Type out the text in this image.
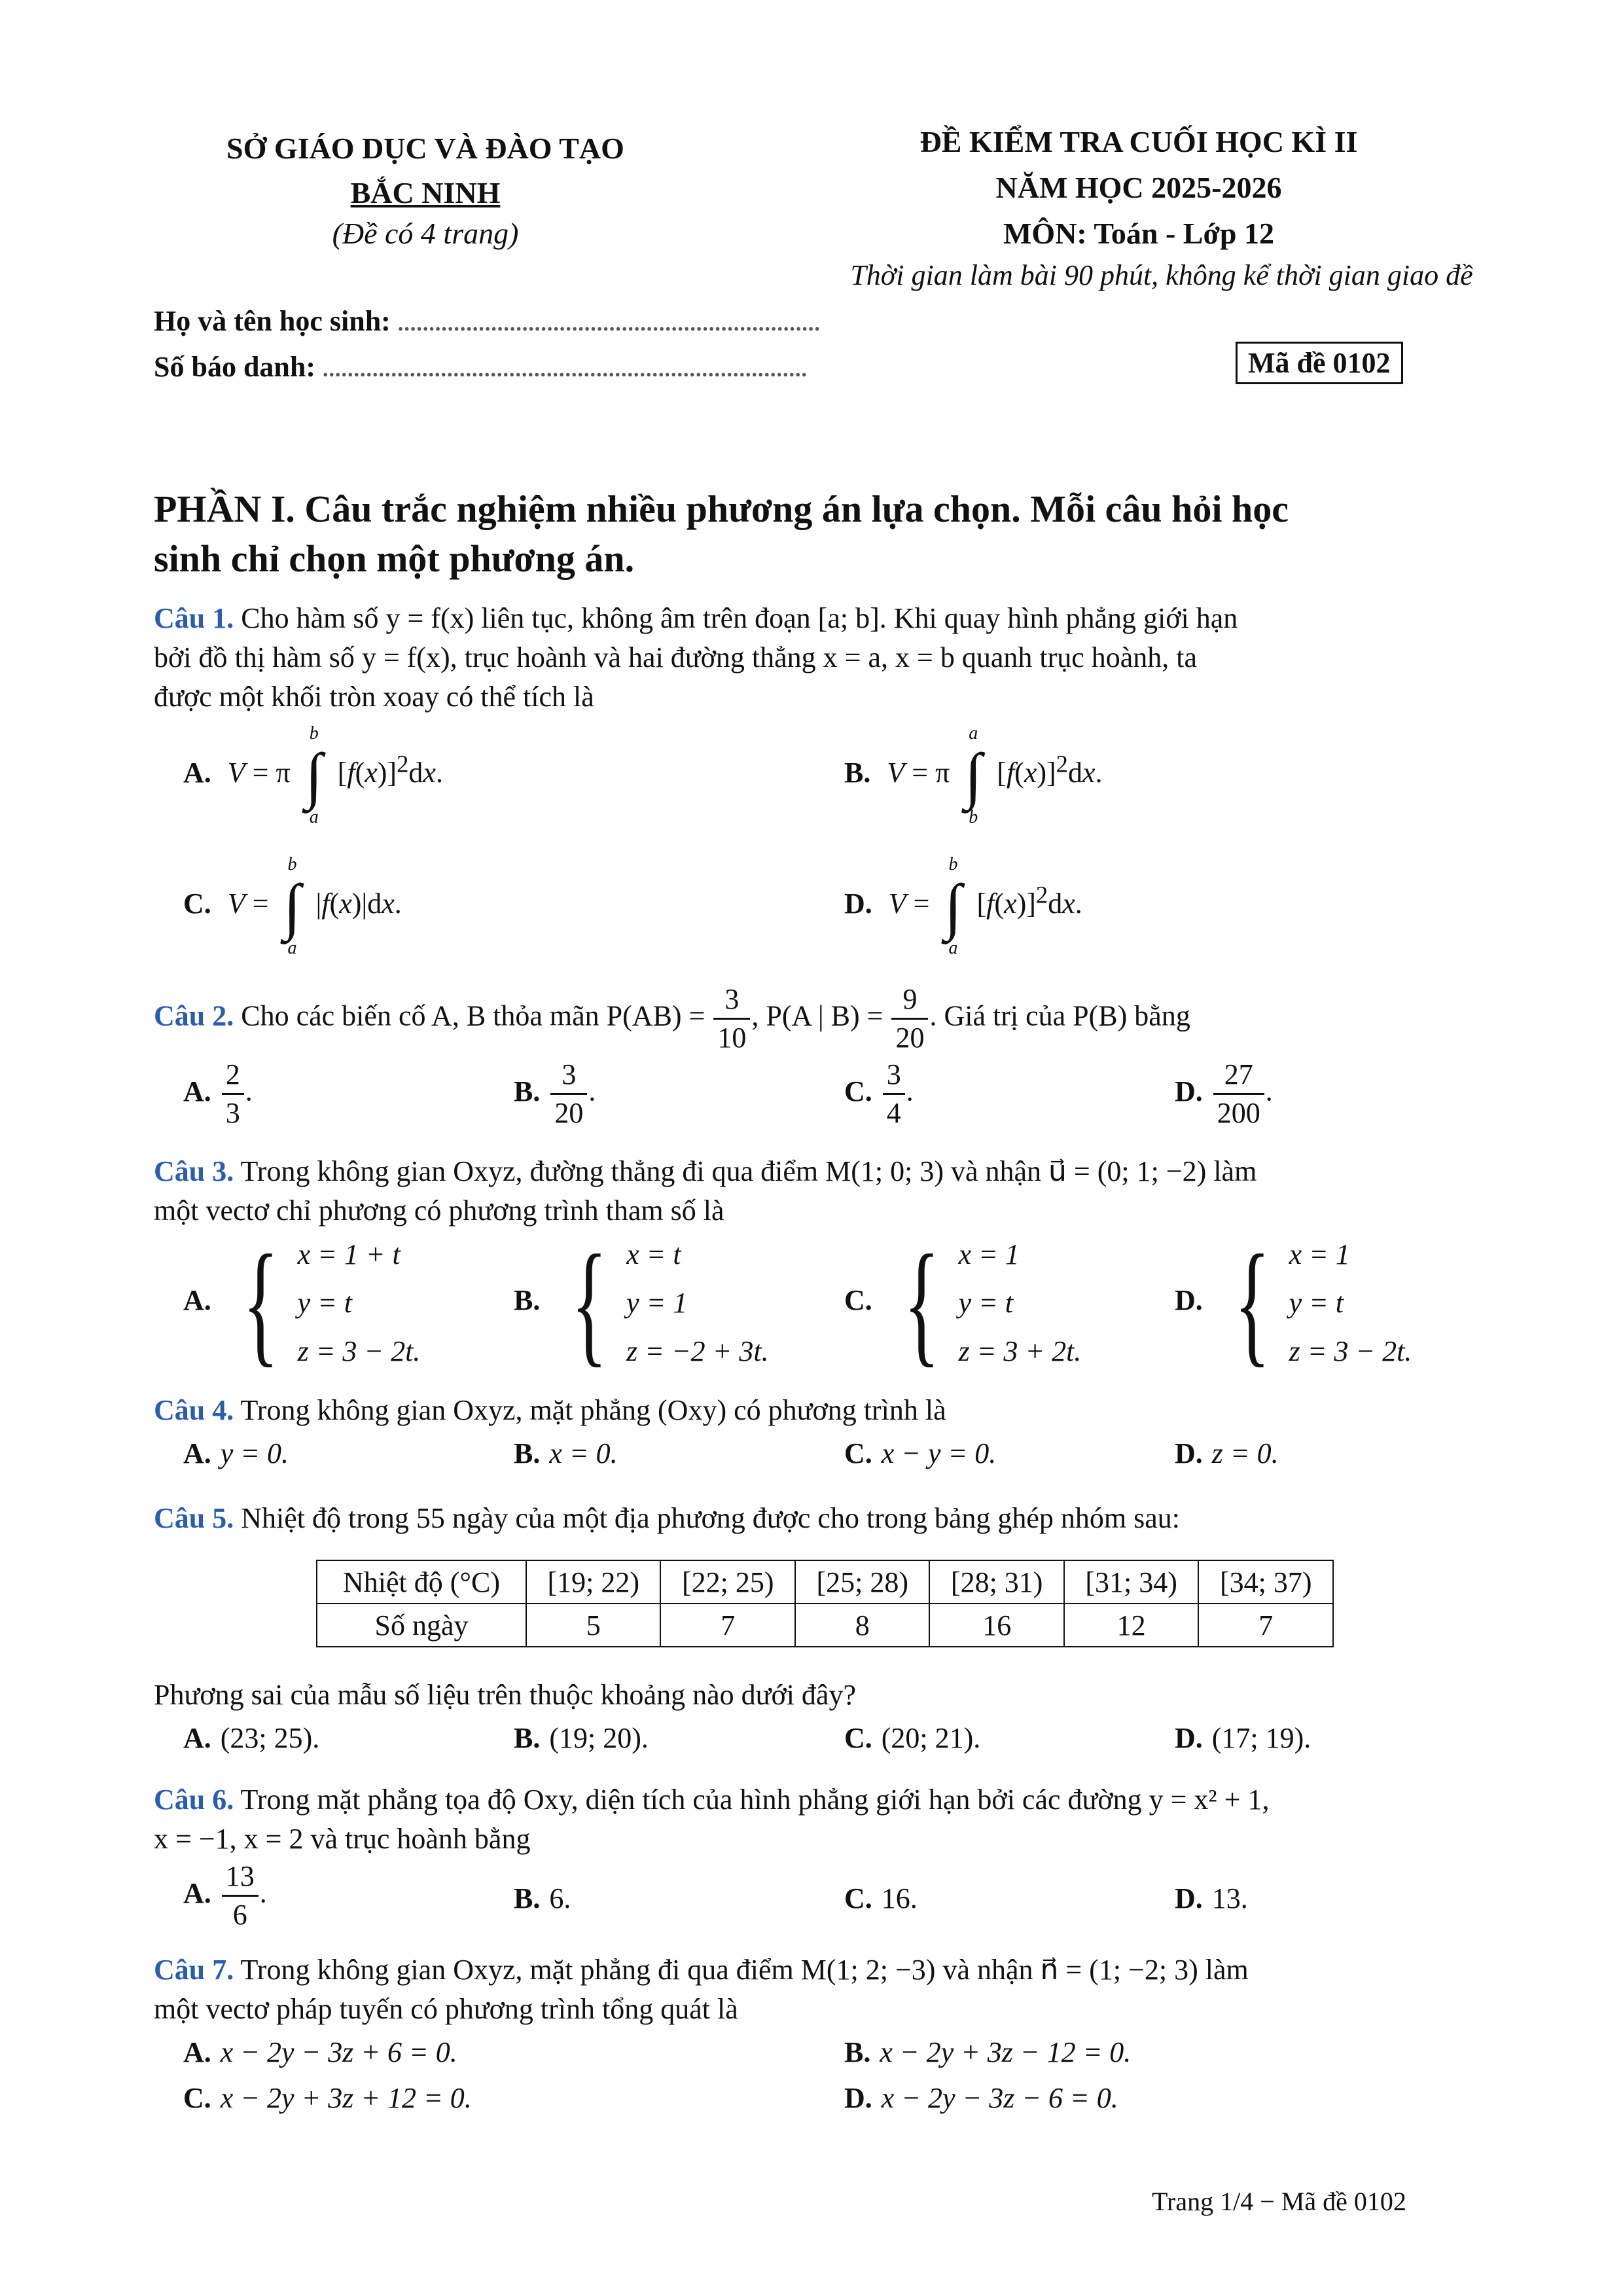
SỞ GIÁO DỤC VÀ ĐÀO TẠO
BẮC NINH
(Đề có 4 trang)
ĐỀ KIỂM TRA CUỐI HỌC KÌ II
NĂM HỌC 2025-2026
MÔN: Toán - Lớp 12
Thời gian làm bài 90 phút, không kể thời gian giao đề
Họ và tên học sinh: ....................................................................
Số báo danh: ..............................................................................	Mã đề 0102
PHẦN I. Câu trắc nghiệm nhiều phương án lựa chọn. Mỗi câu hỏi học
sinh chỉ chọn một phương án.
Câu 1. Cho hàm số y = f(x) liên tục, không âm trên đoạn [a; b]. Khi quay hình phẳng giới hạn
bởi đồ thị hàm số y = f(x), trục hoành và hai đường thẳng x = a, x = b quanh trục hoành, ta
được một khối tròn xoay có thể tích là
A. V = π
b
∫
a
$[f(x)]^2dx$.	B. V = π
a
∫
b
$[f(x)]^2dx$.
C. V =
b
∫
a
|f(x)|dx.	D. V =
b
∫
a
$[f(x)]^2dx$.
Câu 2. Cho các biến cố A, B thỏa mãn $P(AB) = \frac{3}{10}$ , P(A | $B) = \frac{9}{20}$ . Giá trị của P(B) bằng
A. $\frac{2}{3}$ .	B. $\frac{3}{20}$ .	C. $\frac{3}{4}$ .	D. $\frac{27}{200}$ .
Câu 3. Trong không gian Oxyz, đường thẳng đi qua điểm M(1; 0; 3) và nhận u⃗ = (0; 1; −2) làm
một vectơ chỉ phương có phương trình tham số là
A. { x = 1 + t
y = t
z = 3 − 2t.
B. { x = t
y = 1
z = −2 + 3t.
C. { x = 1
y = t
z = 3 + 2t.
D. { x = 1
y = t
z = 3 − 2t.
Câu 4. Trong không gian Oxyz, mặt phẳng (Oxy) có phương trình là
A. y = 0.	B. x = 0.	C. x − y = 0.	D. z = 0.
Câu 5. Nhiệt độ trong 55 ngày của một địa phương được cho trong bảng ghép nhóm sau:
Nhiệt độ (°C)	[19; 22)	[22; 25)	[25; 28)	[28; 31)	[31; 34)	[34; 37)
Số ngày	5	7	8	16	12	7
Phương sai của mẫu số liệu trên thuộc khoảng nào dưới đây?
A. (23; 25).	B. (19; 20).	C. (20; 21).	D. (17; 19).
Câu 6. Trong mặt phẳng tọa độ Oxy, diện tích của hình phẳng giới hạn bởi các đường y = x² + 1,
x = −1, x = 2 và trục hoành bằng
A. $\frac{13}{6}$ .	B. 6.	C. 16.	D. 13.
Câu 7. Trong không gian Oxyz, mặt phẳng đi qua điểm M(1; 2; −3) và nhận n⃗ = (1; −2; 3) làm
một vectơ pháp tuyến có phương trình tổng quát là
A. x − 2y − 3z + 6 = 0.	B. x − 2y + 3z − 12 = 0.
C. x − 2y + 3z + 12 = 0.	D. x − 2y − 3z − 6 = 0.
Trang 1/4 − Mã đề 0102
